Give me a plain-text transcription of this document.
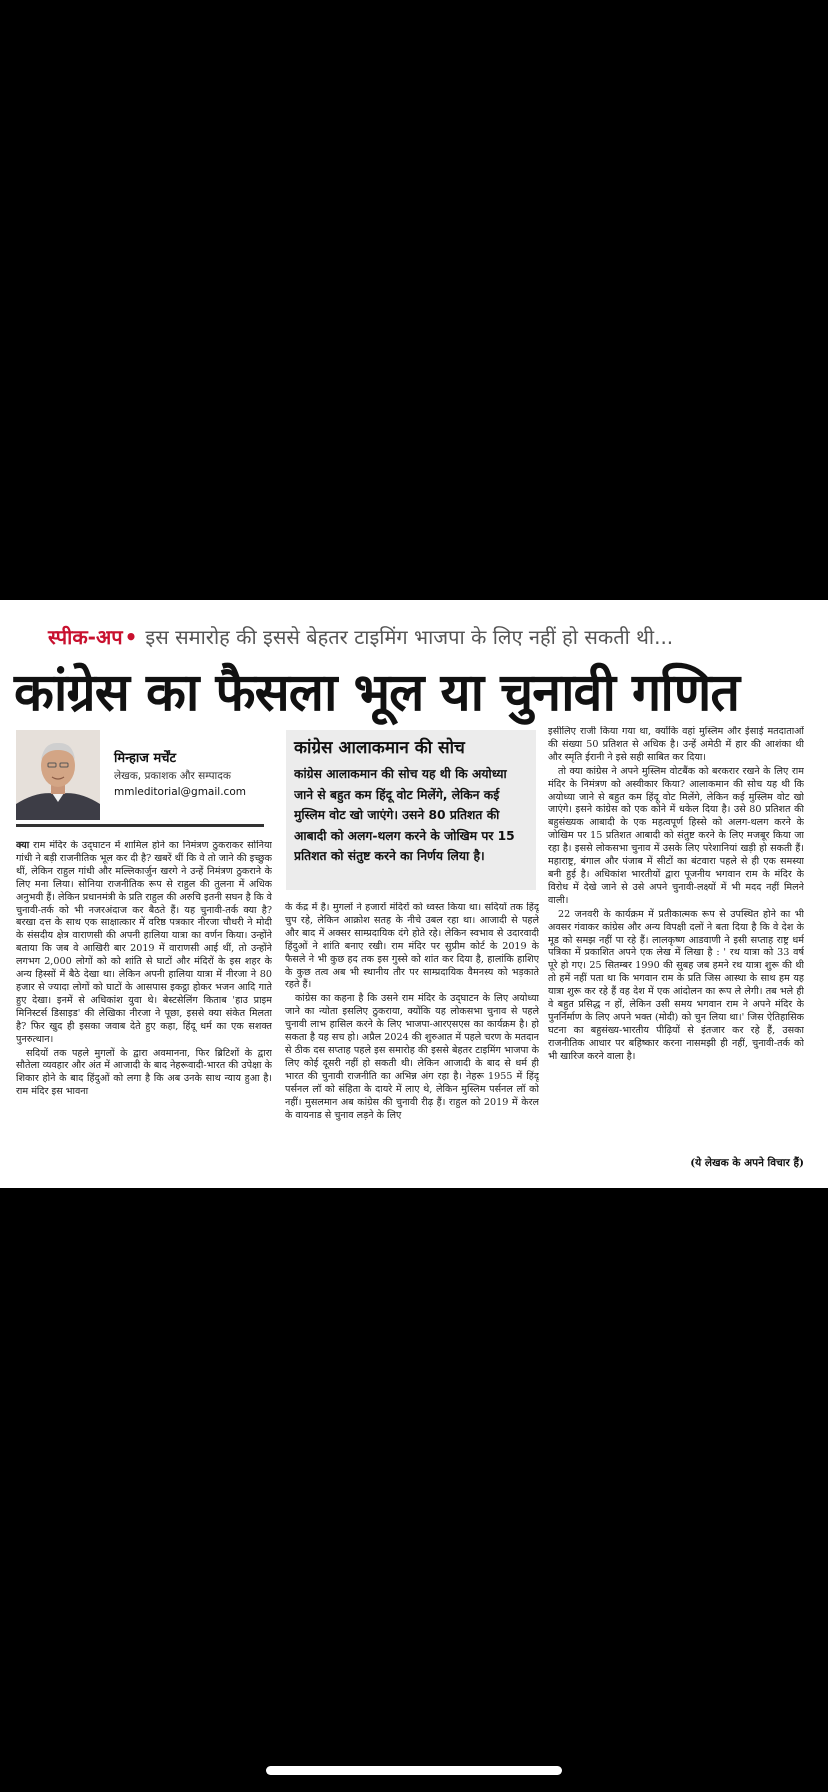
स्पीक-अप • इस समारोह की इससे बेहतर टाइमिंग भाजपा के लिए नहीं हो सकती थी...
कांग्रेस का फैसला भूल या चुनावी गणित
मिन्हाज मर्चेंट
लेखक, प्रकाशक और सम्पादक
mmleditorial@gmail.com

क्या राम मंदिर के उद्‌घाटन में शामिल होने का निमंत्रण ठुकराकर सोनिया गांधी ने बड़ी राजनीतिक भूल कर दी है? खबरें थीं कि वे तो जाने की इच्छुक थीं, लेकिन राहुल गांधी और मल्लिकार्जुन खरगे ने उन्हें निमंत्रण ठुकराने के लिए मना लिया। सोनिया राजनीतिक रूप से राहुल की तुलना में अधिक अनुभवी हैं। लेकिन प्रधानमंत्री के प्रति राहुल की अरुचि इतनी सघन है कि वे चुनावी-तर्क को भी नजरअंदाज कर बैठते हैं। यह चुनावी-तर्क क्या है? बरखा दत्त के साथ एक साक्षात्कार में वरिष्ठ पत्रकार नीरजा चौधरी ने मोदी के संसदीय क्षेत्र वाराणसी की अपनी हालिया यात्रा का वर्णन किया। उन्होंने बताया कि जब वे आखिरी बार 2019 में वाराणसी आई थीं, तो उन्होंने लगभग 2,000 लोगों को को शांति से घाटों और मंदिरों के इस शहर के अन्य हिस्सों में बैठे देखा था। लेकिन अपनी हालिया यात्रा में नीरजा ने 80 हजार से ज्यादा लोगों को घाटों के आसपास इकट्ठा होकर भजन आदि गाते हुए देखा। इनमें से अधिकांश युवा थे। बेस्टसेलिंग किताब 'हाउ प्राइम मिनिस्टर्स डिसाइड' की लेखिका नीरजा ने पूछा, इससे क्या संकेत मिलता है? फिर खुद ही इसका जवाब देते हुए कहा, हिंदू धर्म का एक सशक्त पुनरुत्थान।

सदियों तक पहले मुगलों के द्वारा अवमानना, फिर ब्रिटिशों के द्वारा सौतेला व्यवहार और अंत में आजादी के बाद नेहरूवादी-भारत की उपेक्षा के शिकार होने के बाद हिंदुओं को लगा है कि अब उनके साथ न्याय हुआ है। राम मंदिर इस भावना

कांग्रेस आलाकमान की सोच
कांग्रेस आलाकमान की सोच यह थी कि अयोध्या जाने से बहुत कम हिंदू वोट मिलेंगे, लेकिन कई मुस्लिम वोट खो जाएंगे। उसने 80 प्रतिशत की आबादी को अलग-थलग करने के जोखिम पर 15 प्रतिशत को संतुष्ट करने का निर्णय लिया है।

के केंद्र में है। मुगलों ने हजारों मंदिरों को ध्वस्त किया था। सदियों तक हिंदू चुप रहे, लेकिन आक्रोश सतह के नीचे उबल रहा था। आजादी से पहले और बाद में अक्सर साम्प्रदायिक दंगे होते रहे। लेकिन स्वभाव से उदारवादी हिंदुओं ने शांति बनाए रखी। राम मंदिर पर सुप्रीम कोर्ट के 2019 के फैसले ने भी कुछ हद तक इस गुस्से को शांत कर दिया है, हालांकि हाशिए के कुछ तत्व अब भी स्थानीय तौर पर साम्प्रदायिक वैमनस्य को भड़काते रहते हैं।

कांग्रेस का कहना है कि उसने राम मंदिर के उद्‌घाटन के लिए अयोध्या जाने का न्योता इसलिए ठुकराया, क्योंकि यह लोकसभा चुनाव से पहले चुनावी लाभ हासिल करने के लिए भाजपा-आरएसएस का कार्यक्रम है। हो सकता है यह सच हो। अप्रैल 2024 की शुरुआत में पहले चरण के मतदान से ठीक दस सप्ताह पहले इस समारोह की इससे बेहतर टाइमिंग भाजपा के लिए कोई दूसरी नहीं हो सकती थी। लेकिन आजादी के बाद से धर्म ही भारत की चुनावी राजनीति का अभिन्न अंग रहा है। नेहरू 1955 में हिंदू पर्सनल लॉ को संहिता के दायरे में लाए थे, लेकिन मुस्लिम पर्सनल लॉ को नहीं। मुसलमान अब कांग्रेस की चुनावी रीढ़ हैं। राहुल को 2019 में केरल के वायनाड से चुनाव लड़ने के लिए

इसीलिए राजी किया गया था, क्योंकि वहां मुस्लिम और ईसाई मतदाताओं की संख्या 50 प्रतिशत से अधिक है। उन्हें अमेठी में हार की आशंका थी और स्मृति ईरानी ने इसे सही साबित कर दिया।

तो क्या कांग्रेस ने अपने मुस्लिम वोटबैंक को बरकरार रखने के लिए राम मंदिर के निमंत्रण को अस्वीकार किया? आलाकमान की सोच यह थी कि अयोध्या जाने से बहुत कम हिंदू वोट मिलेंगे, लेकिन कई मुस्लिम वोट खो जाएंगे। इसने कांग्रेस को एक कोने में धकेल दिया है। उसे 80 प्रतिशत की बहुसंख्यक आबादी के एक महत्वपूर्ण हिस्से को अलग-थलग करने के जोखिम पर 15 प्रतिशत आबादी को संतुष्ट करने के लिए मजबूर किया जा रहा है। इससे लोकसभा चुनाव में उसके लिए परेशानियां खड़ी हो सकती हैं। महाराष्ट्र, बंगाल और पंजाब में सीटों का बंटवारा पहले से ही एक समस्या बनी हुई है। अधिकांश भारतीयों द्वारा पूजनीय भगवान राम के मंदिर के विरोध में देखे जाने से उसे अपने चुनावी-लक्ष्यों में भी मदद नहीं मिलने वाली।

22 जनवरी के कार्यक्रम में प्रतीकात्मक रूप से उपस्थित होने का भी अवसर गंवाकर कांग्रेस और अन्य विपक्षी दलों ने बता दिया है कि वे देश के मूड को समझ नहीं पा रहे हैं। लालकृष्ण आडवाणी ने इसी सप्ताह राष्ट्र धर्म पत्रिका में प्रकाशित अपने एक लेख में लिखा है : ' रथ यात्रा को 33 वर्ष पूरे हो गए। 25 सितम्बर 1990 की सुबह जब हमने रथ यात्रा शुरू की थी तो हमें नहीं पता था कि भगवान राम के प्रति जिस आस्था के साथ हम यह यात्रा शुरू कर रहे हैं वह देश में एक आंदोलन का रूप ले लेगी। तब भले ही वे बहुत प्रसिद्ध न हों, लेकिन उसी समय भगवान राम ने अपने मंदिर के पुनर्निर्माण के लिए अपने भक्त (मोदी) को चुन लिया था।' जिस ऐतिहासिक घटना का बहुसंख्य-भारतीय पीढ़ियों से इंतजार कर रहे हैं, उसका राजनीतिक आधार पर बहिष्कार करना नासमझी ही नहीं, चुनावी-तर्क को भी खारिज करने वाला है।

(ये लेखक के अपने विचार हैं)
